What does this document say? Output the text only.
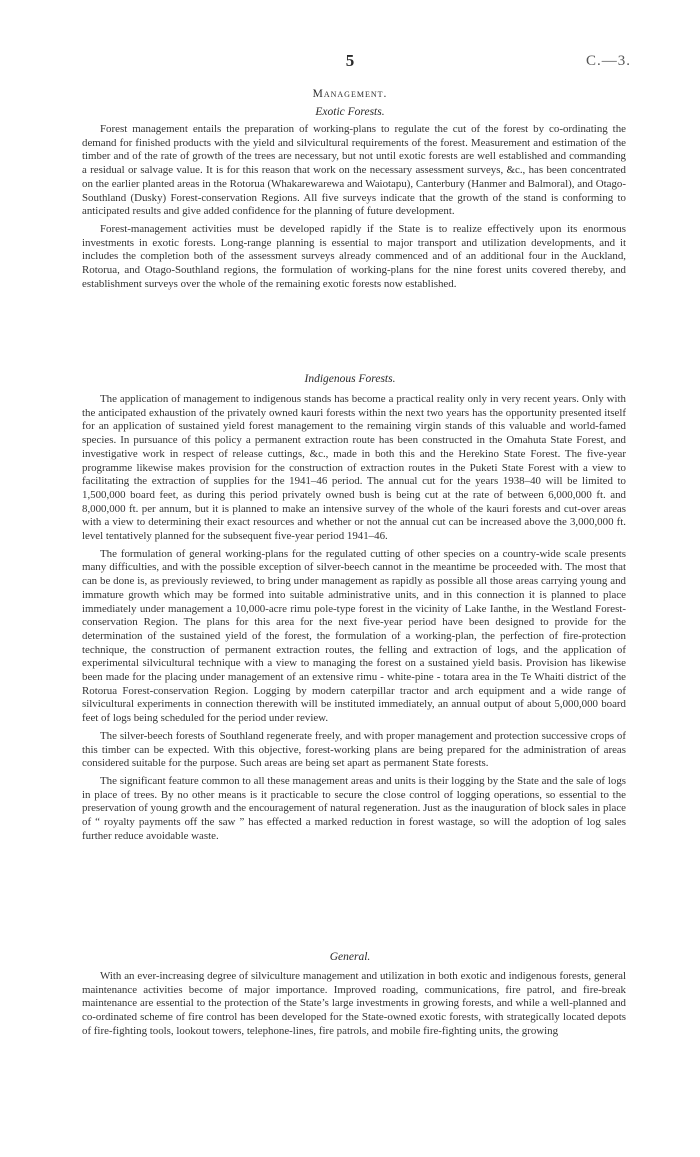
5	C.—3.
Management.
Exotic Forests.

Forest management entails the preparation of working-plans to regulate the cut of the forest by co-ordinating the demand for finished products with the yield and silvicultural requirements of the forest. Measurement and estimation of the timber and of the rate of growth of the trees are necessary, but not until exotic forests are well established and commanding a residual or salvage value. It is for this reason that work on the necessary assessment surveys, &c., has been concentrated on the earlier planted areas in the Rotorua (Whakarewarewa and Waiotapu), Canterbury (Hanmer and Balmoral), and Otago-Southland (Dusky) Forest-conservation Regions. All five surveys indicate that the growth of the stand is conforming to anticipated results and give added confidence for the planning of future development.

Forest-management activities must be developed rapidly if the State is to realize effectively upon its enormous investments in exotic forests. Long-range planning is essential to major transport and utilization developments, and it includes the completion both of the assessment surveys already commenced and of an additional four in the Auckland, Rotorua, and Otago-Southland regions, the formulation of working-plans for the nine forest units covered thereby, and establishment surveys over the whole of the remaining exotic forests now established.

Indigenous Forests.

The application of management to indigenous stands has become a practical reality only in very recent years. Only with the anticipated exhaustion of the privately owned kauri forests within the next two years has the opportunity presented itself for an application of sustained yield forest management to the remaining virgin stands of this valuable and world-famed species. In pursuance of this policy a permanent extraction route has been constructed in the Omahuta State Forest, and investigative work in respect of release cuttings, &c., made in both this and the Herekino State Forest. The five-year programme likewise makes provision for the construction of extraction routes in the Puketi State Forest with a view to facilitating the extraction of supplies for the 1941–46 period. The annual cut for the years 1938–40 will be limited to 1,500,000 board feet, as during this period privately owned bush is being cut at the rate of between 6,000,000 ft. and 8,000,000 ft. per annum, but it is planned to make an intensive survey of the whole of the kauri forests and cut-over areas with a view to determining their exact resources and whether or not the annual cut can be increased above the 3,000,000 ft. level tentatively planned for the subsequent five-year period 1941–46.

The formulation of general working-plans for the regulated cutting of other species on a country-wide scale presents many difficulties, and with the possible exception of silver-beech cannot in the meantime be proceeded with. The most that can be done is, as previously reviewed, to bring under management as rapidly as possible all those areas carrying young and immature growth which may be formed into suitable administrative units, and in this connection it is planned to place immediately under management a 10,000-acre rimu pole-type forest in the vicinity of Lake Ianthe, in the Westland Forest-conservation Region. The plans for this area for the next five-year period have been designed to provide for the determination of the sustained yield of the forest, the formulation of a working-plan, the perfection of fire-protection technique, the construction of permanent extraction routes, the felling and extraction of logs, and the application of experimental silvicultural technique with a view to managing the forest on a sustained yield basis. Provision has likewise been made for the placing under management of an extensive rimu - white-pine - totara area in the Te Whaiti district of the Rotorua Forest-conservation Region. Logging by modern caterpillar tractor and arch equipment and a wide range of silvicultural experiments in connection therewith will be instituted immediately, an annual output of about 5,000,000 board feet of logs being scheduled for the period under review.

The silver-beech forests of Southland regenerate freely, and with proper management and protection successive crops of this timber can be expected. With this objective, forest-working plans are being prepared for the administration of areas considered suitable for the purpose. Such areas are being set apart as permanent State forests.

The significant feature common to all these management areas and units is their logging by the State and the sale of logs in place of trees. By no other means is it practicable to secure the close control of logging operations, so essential to the preservation of young growth and the encouragement of natural regeneration. Just as the inauguration of block sales in place of “ royalty payments off the saw ” has effected a marked reduction in forest wastage, so will the adoption of log sales further reduce avoidable waste.

General.

With an ever-increasing degree of silviculture management and utilization in both exotic and indigenous forests, general maintenance activities become of major importance. Improved roading, communications, fire patrol, and fire-break maintenance are essential to the protection of the State’s large investments in growing forests, and while a well-planned and co-ordinated scheme of fire control has been developed for the State-owned exotic forests, with strategically located depots of fire-fighting tools, lookout towers, telephone-lines, fire patrols, and mobile fire-fighting units, the growing
